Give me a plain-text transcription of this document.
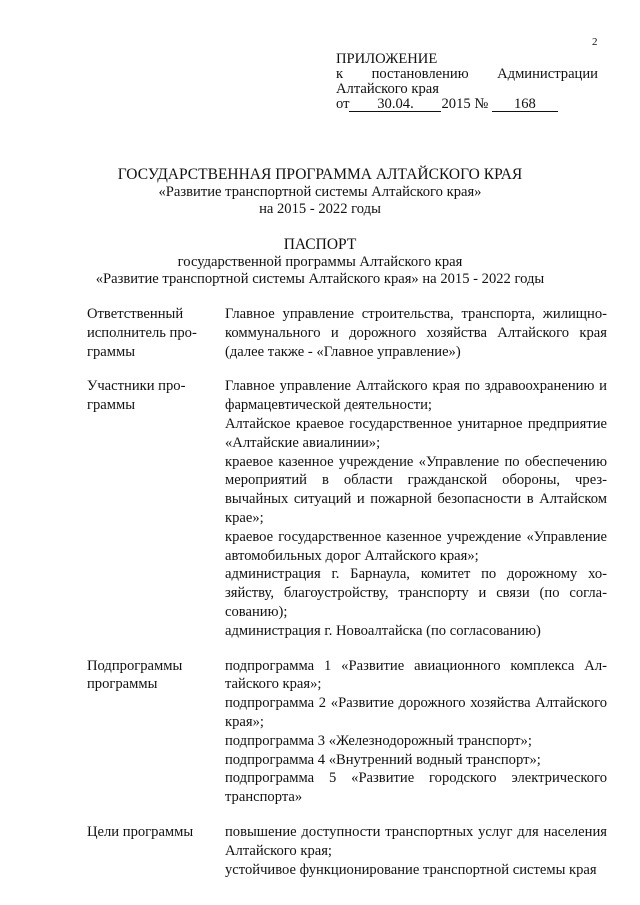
2
ПРИЛОЖЕНИЕ
к постановлению Администрации
Алтайского края
от 30.04. 2015 № 168
ГОСУДАРСТВЕННАЯ ПРОГРАММА АЛТАЙСКОГО КРАЯ
«Развитие транспортной системы Алтайского края»
на 2015 - 2022 годы
ПАСПОРТ
государственной программы Алтайского края
«Развитие транспортной системы Алтайского края» на 2015 - 2022 годы
Ответственный исполнитель программы
Главное управление строительства, транспорта, жилищно-коммунального и дорожного хозяйства Алтайского края (далее также - «Главное управление»)
Участники программы
Главное управление Алтайского края по здравоохранению и фармацевтической деятельности;
Алтайское краевое государственное унитарное предприятие «Алтайские авиалинии»;
краевое казенное учреждение «Управление по обеспечению мероприятий в области гражданской обороны, чрезвычайных ситуаций и пожарной безопасности в Алтайском крае»;
краевое государственное казенное учреждение «Управление автомобильных дорог Алтайского края»;
администрация г. Барнаула, комитет по дорожному хозяйству, благоустройству, транспорту и связи (по согласованию);
администрация г. Новоалтайска (по согласованию)
Подпрограммы программы
подпрограмма 1 «Развитие авиационного комплекса Алтайского края»;
подпрограмма 2 «Развитие дорожного хозяйства Алтайского края»;
подпрограмма 3 «Железнодорожный транспорт»;
подпрограмма 4 «Внутренний водный транспорт»;
подпрограмма 5 «Развитие городского электрического транспорта»
Цели программы	повышение доступности транспортных услуг для населения Алтайского края;
устойчивое функционирование транспортной системы края
